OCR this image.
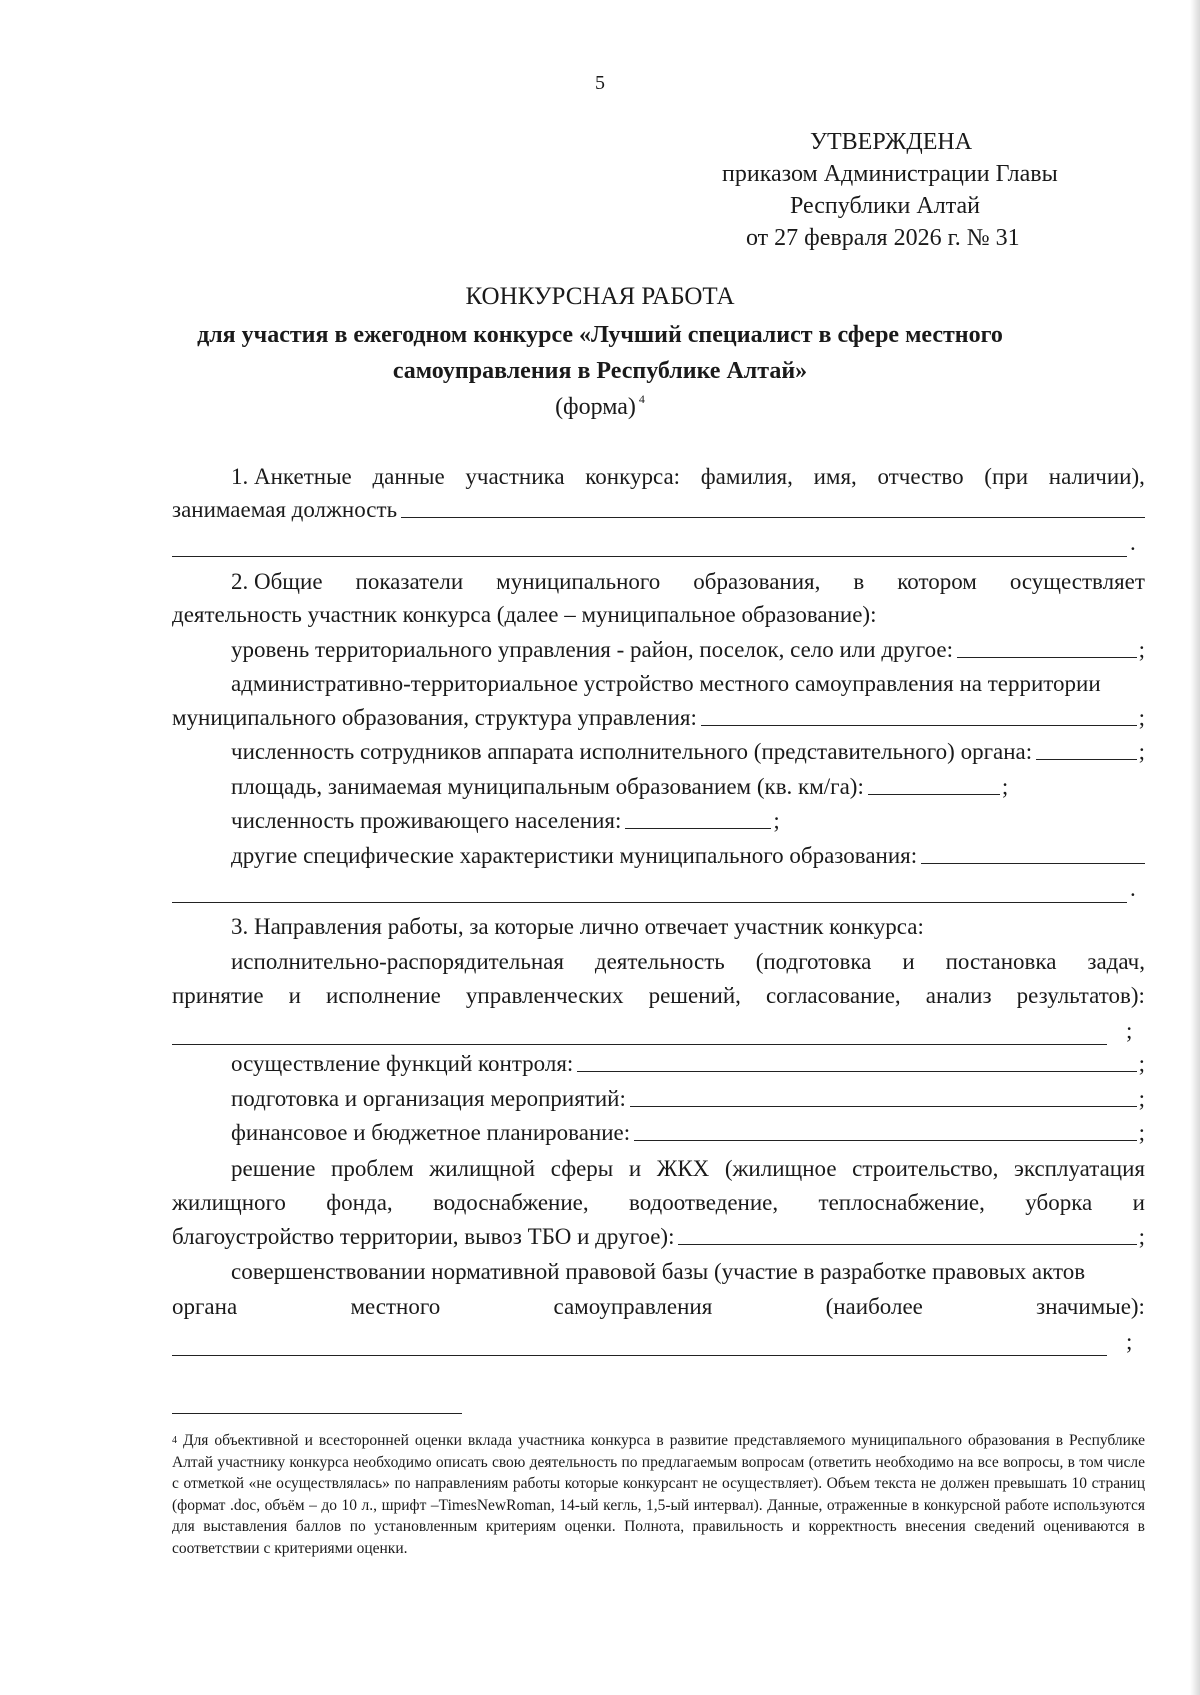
5
УТВЕРЖДЕНА
приказом Администрации Главы
Республики Алтай
от 27 февраля 2026 г. № 31
КОНКУРСНАЯ РАБОТА
для участия в ежегодном конкурсе «Лучший специалист в сфере местного
самоуправления в Республике Алтай»
(форма) $^4$
1. Анкетные данные участника конкурса: фамилия, имя, отчество (при наличии),
занимаемая должность
.
2. Общие показатели муниципального образования, в котором осуществляет
деятельность участник конкурса (далее – муниципальное образование):
уровень территориального управления - район, поселок, село или другое:	;
административно-территориальное устройство местного самоуправления на территории
муниципального образования, структура управления:	;
численность сотрудников аппарата исполнительного (представительного) органа:	;
площадь, занимаемая муниципальным образованием (кв. км/га):	;
численность проживающего населения:	;
другие специфические характеристики муниципального образования:
.
3. Направления работы, за которые лично отвечает участник конкурса:
исполнительно-распорядительная деятельность (подготовка и постановка задач,
принятие и исполнение управленческих решений, согласование, анализ результатов):
;
осуществление функций контроля:	;
подготовка и организация мероприятий:	;
финансовое и бюджетное планирование:	;
решение проблем жилищной сферы и ЖКХ (жилищное строительство, эксплуатация
жилищного фонда, водоснабжение, водоотведение, теплоснабжение, уборка и
благоустройство территории, вывоз ТБО и другое):	;
совершенствовании нормативной правовой базы (участие в разработке правовых актов
органа	местного	самоуправления	(наиболее	значимые):
;
$^4$ Для объективной и всесторонней оценки вклада участника конкурса в развитие представляемого муниципального образования в Республике Алтай участнику конкурса необходимо описать свою деятельность по предлагаемым вопросам (ответить необходимо на все вопросы, в том числе с отметкой «не осуществлялась» по направлениям работы которые конкурсант не осуществляет). Объем текста не должен превышать 10 страниц (формат .doc, объём – до 10 л., шрифт –TimesNewRoman, 14-ый кегль, 1,5-ый интервал). Данные, отраженные в конкурсной работе используются для выставления баллов по установленным критериям оценки. Полнота, правильность и корректность внесения сведений оцениваются в соответствии с критериями оценки.
